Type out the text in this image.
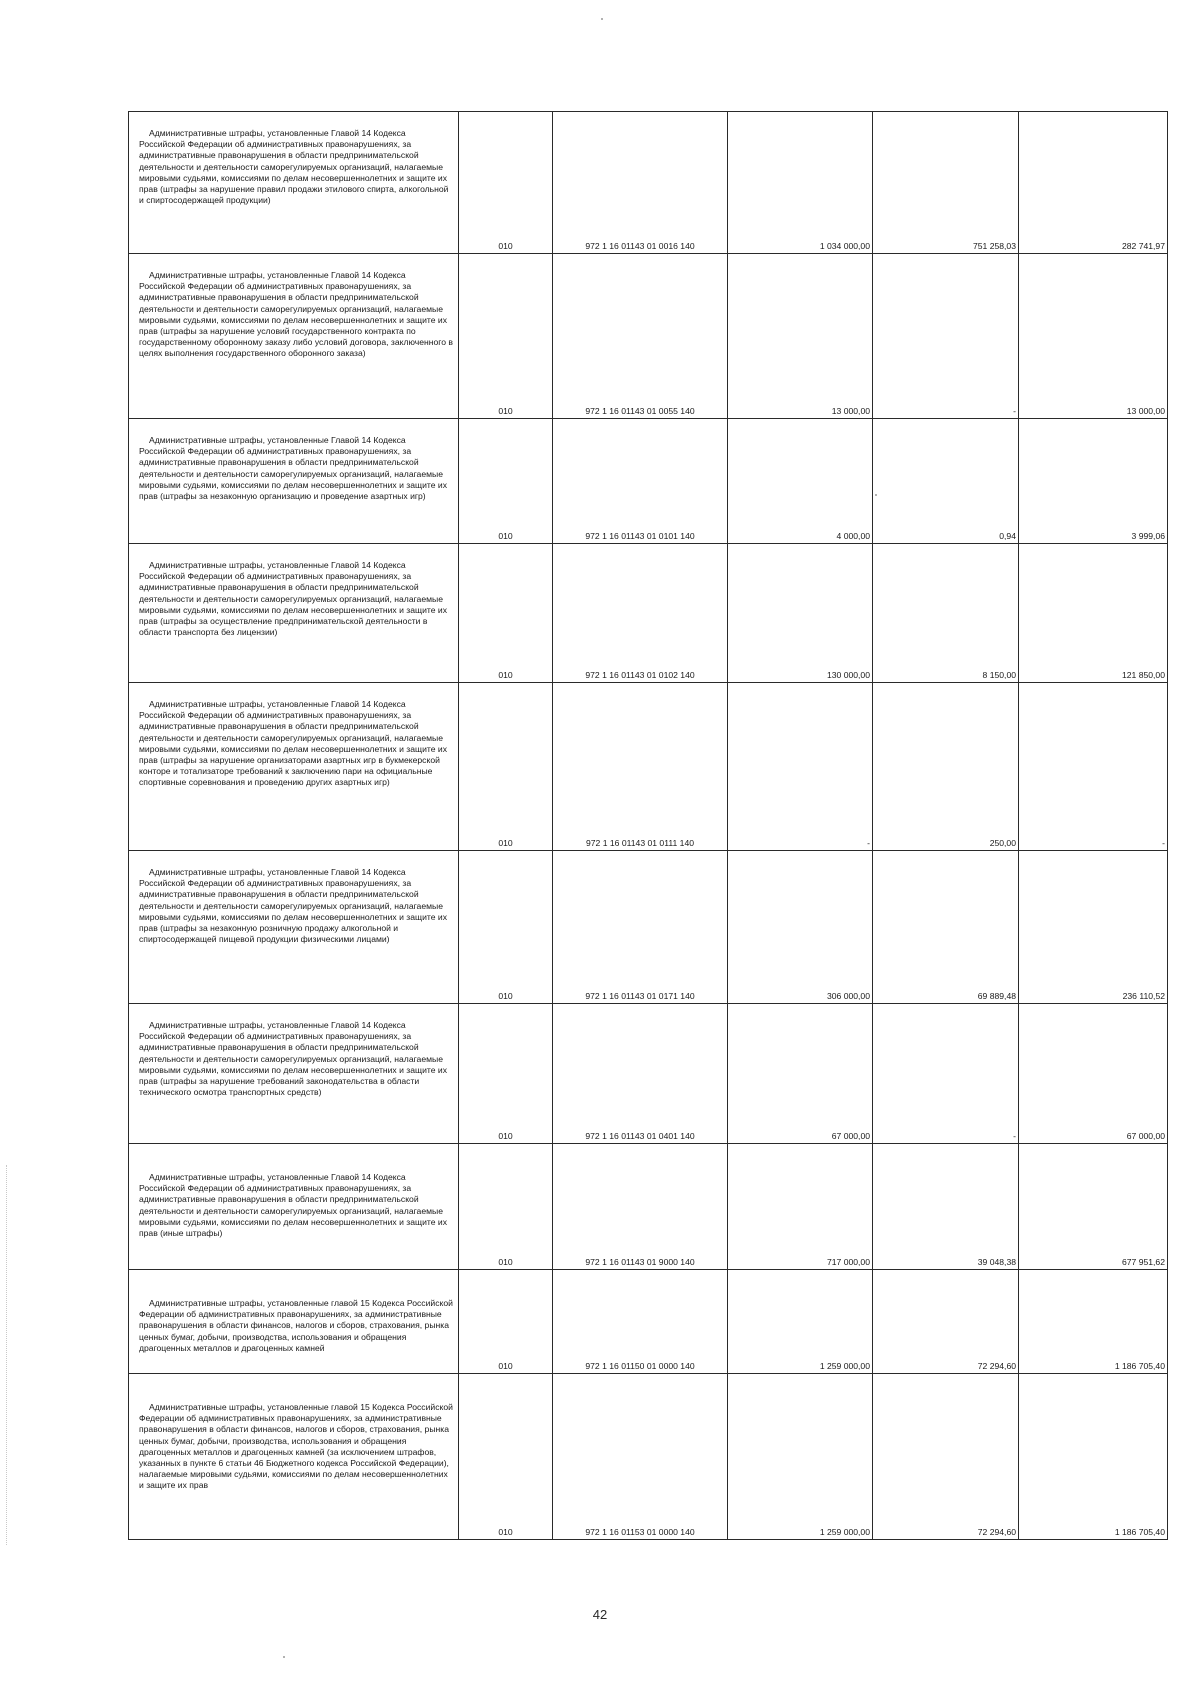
Административные штрафы, установленные Главой 14 Кодекса Российской Федерации об административных правонарушениях, за административные правонарушения в области предпринимательской деятельности и деятельности саморегулируемых организаций, налагаемые мировыми судьями, комиссиями по делам несовершеннолетних и защите их прав (штрафы за нарушение правил продажи этилового спирта, алкогольной и спиртосодержащей продукции)	010	972 1 16 01143 01 0016 140	1 034 000,00	751 258,03	282 741,97

Административные штрафы, установленные Главой 14 Кодекса Российской Федерации об административных правонарушениях, за административные правонарушения в области предпринимательской деятельности и деятельности саморегулируемых организаций, налагаемые мировыми судьями, комиссиями по делам несовершеннолетних и защите их прав (штрафы за нарушение условий государственного контракта по государственному оборонному заказу либо условий договора, заключенного в целях выполнения государственного оборонного заказа)	010	972 1 16 01143 01 0055 140	13 000,00	-	13 000,00

Административные штрафы, установленные Главой 14 Кодекса Российской Федерации об административных правонарушениях, за административные правонарушения в области предпринимательской деятельности и деятельности саморегулируемых организаций, налагаемые мировыми судьями, комиссиями по делам несовершеннолетних и защите их прав (штрафы за незаконную организацию и проведение азартных игр)	010	972 1 16 01143 01 0101 140	4 000,00	0,94	3 999,06

Административные штрафы, установленные Главой 14 Кодекса Российской Федерации об административных правонарушениях, за административные правонарушения в области предпринимательской деятельности и деятельности саморегулируемых организаций, налагаемые мировыми судьями, комиссиями по делам несовершеннолетних и защите их прав (штрафы за осуществление предпринимательской деятельности в области транспорта без лицензии)	010	972 1 16 01143 01 0102 140	130 000,00	8 150,00	121 850,00

Административные штрафы, установленные Главой 14 Кодекса Российской Федерации об административных правонарушениях, за административные правонарушения в области предпринимательской деятельности и деятельности саморегулируемых организаций, налагаемые мировыми судьями, комиссиями по делам несовершеннолетних и защите их прав (штрафы за нарушение организаторами азартных игр в букмекерской конторе и тотализаторе требований к заключению пари на официальные спортивные соревнования и проведению других азартных игр)	010	972 1 16 01143 01 0111 140	-	250,00	-

Административные штрафы, установленные Главой 14 Кодекса Российской Федерации об административных правонарушениях, за административные правонарушения в области предпринимательской деятельности и деятельности саморегулируемых организаций, налагаемые мировыми судьями, комиссиями по делам несовершеннолетних и защите их прав (штрафы за незаконную розничную продажу алкогольной и спиртосодержащей пищевой продукции физическими лицами)	010	972 1 16 01143 01 0171 140	306 000,00	69 889,48	236 110,52

Административные штрафы, установленные Главой 14 Кодекса Российской Федерации об административных правонарушениях, за административные правонарушения в области предпринимательской деятельности и деятельности саморегулируемых организаций, налагаемые мировыми судьями, комиссиями по делам несовершеннолетних и защите их прав (штрафы за нарушение требований законодательства в области технического осмотра транспортных средств)	010	972 1 16 01143 01 0401 140	67 000,00	-	67 000,00

Административные штрафы, установленные Главой 14 Кодекса Российской Федерации об административных правонарушениях, за административные правонарушения в области предпринимательской деятельности и деятельности саморегулируемых организаций, налагаемые мировыми судьями, комиссиями по делам несовершеннолетних и защите их прав (иные штрафы)	010	972 1 16 01143 01 9000 140	717 000,00	39 048,38	677 951,62

Административные штрафы, установленные главой 15 Кодекса Российской Федерации об административных правонарушениях, за административные правонарушения в области финансов, налогов и сборов, страхования, рынка ценных бумаг, добычи, производства, использования и обращения драгоценных металлов и драгоценных камней	010	972 1 16 01150 01 0000 140	1 259 000,00	72 294,60	1 186 705,40

Административные штрафы, установленные главой 15 Кодекса Российской Федерации об административных правонарушениях, за административные правонарушения в области финансов, налогов и сборов, страхования, рынка ценных бумаг, добычи, производства, использования и обращения драгоценных металлов и драгоценных камней (за исключением штрафов, указанных в пункте 6 статьи 46 Бюджетного кодекса Российской Федерации), налагаемые мировыми судьями, комиссиями по делам несовершеннолетних и защите их прав	010	972 1 16 01153 01 0000 140	1 259 000,00	72 294,60	1 186 705,40
42
